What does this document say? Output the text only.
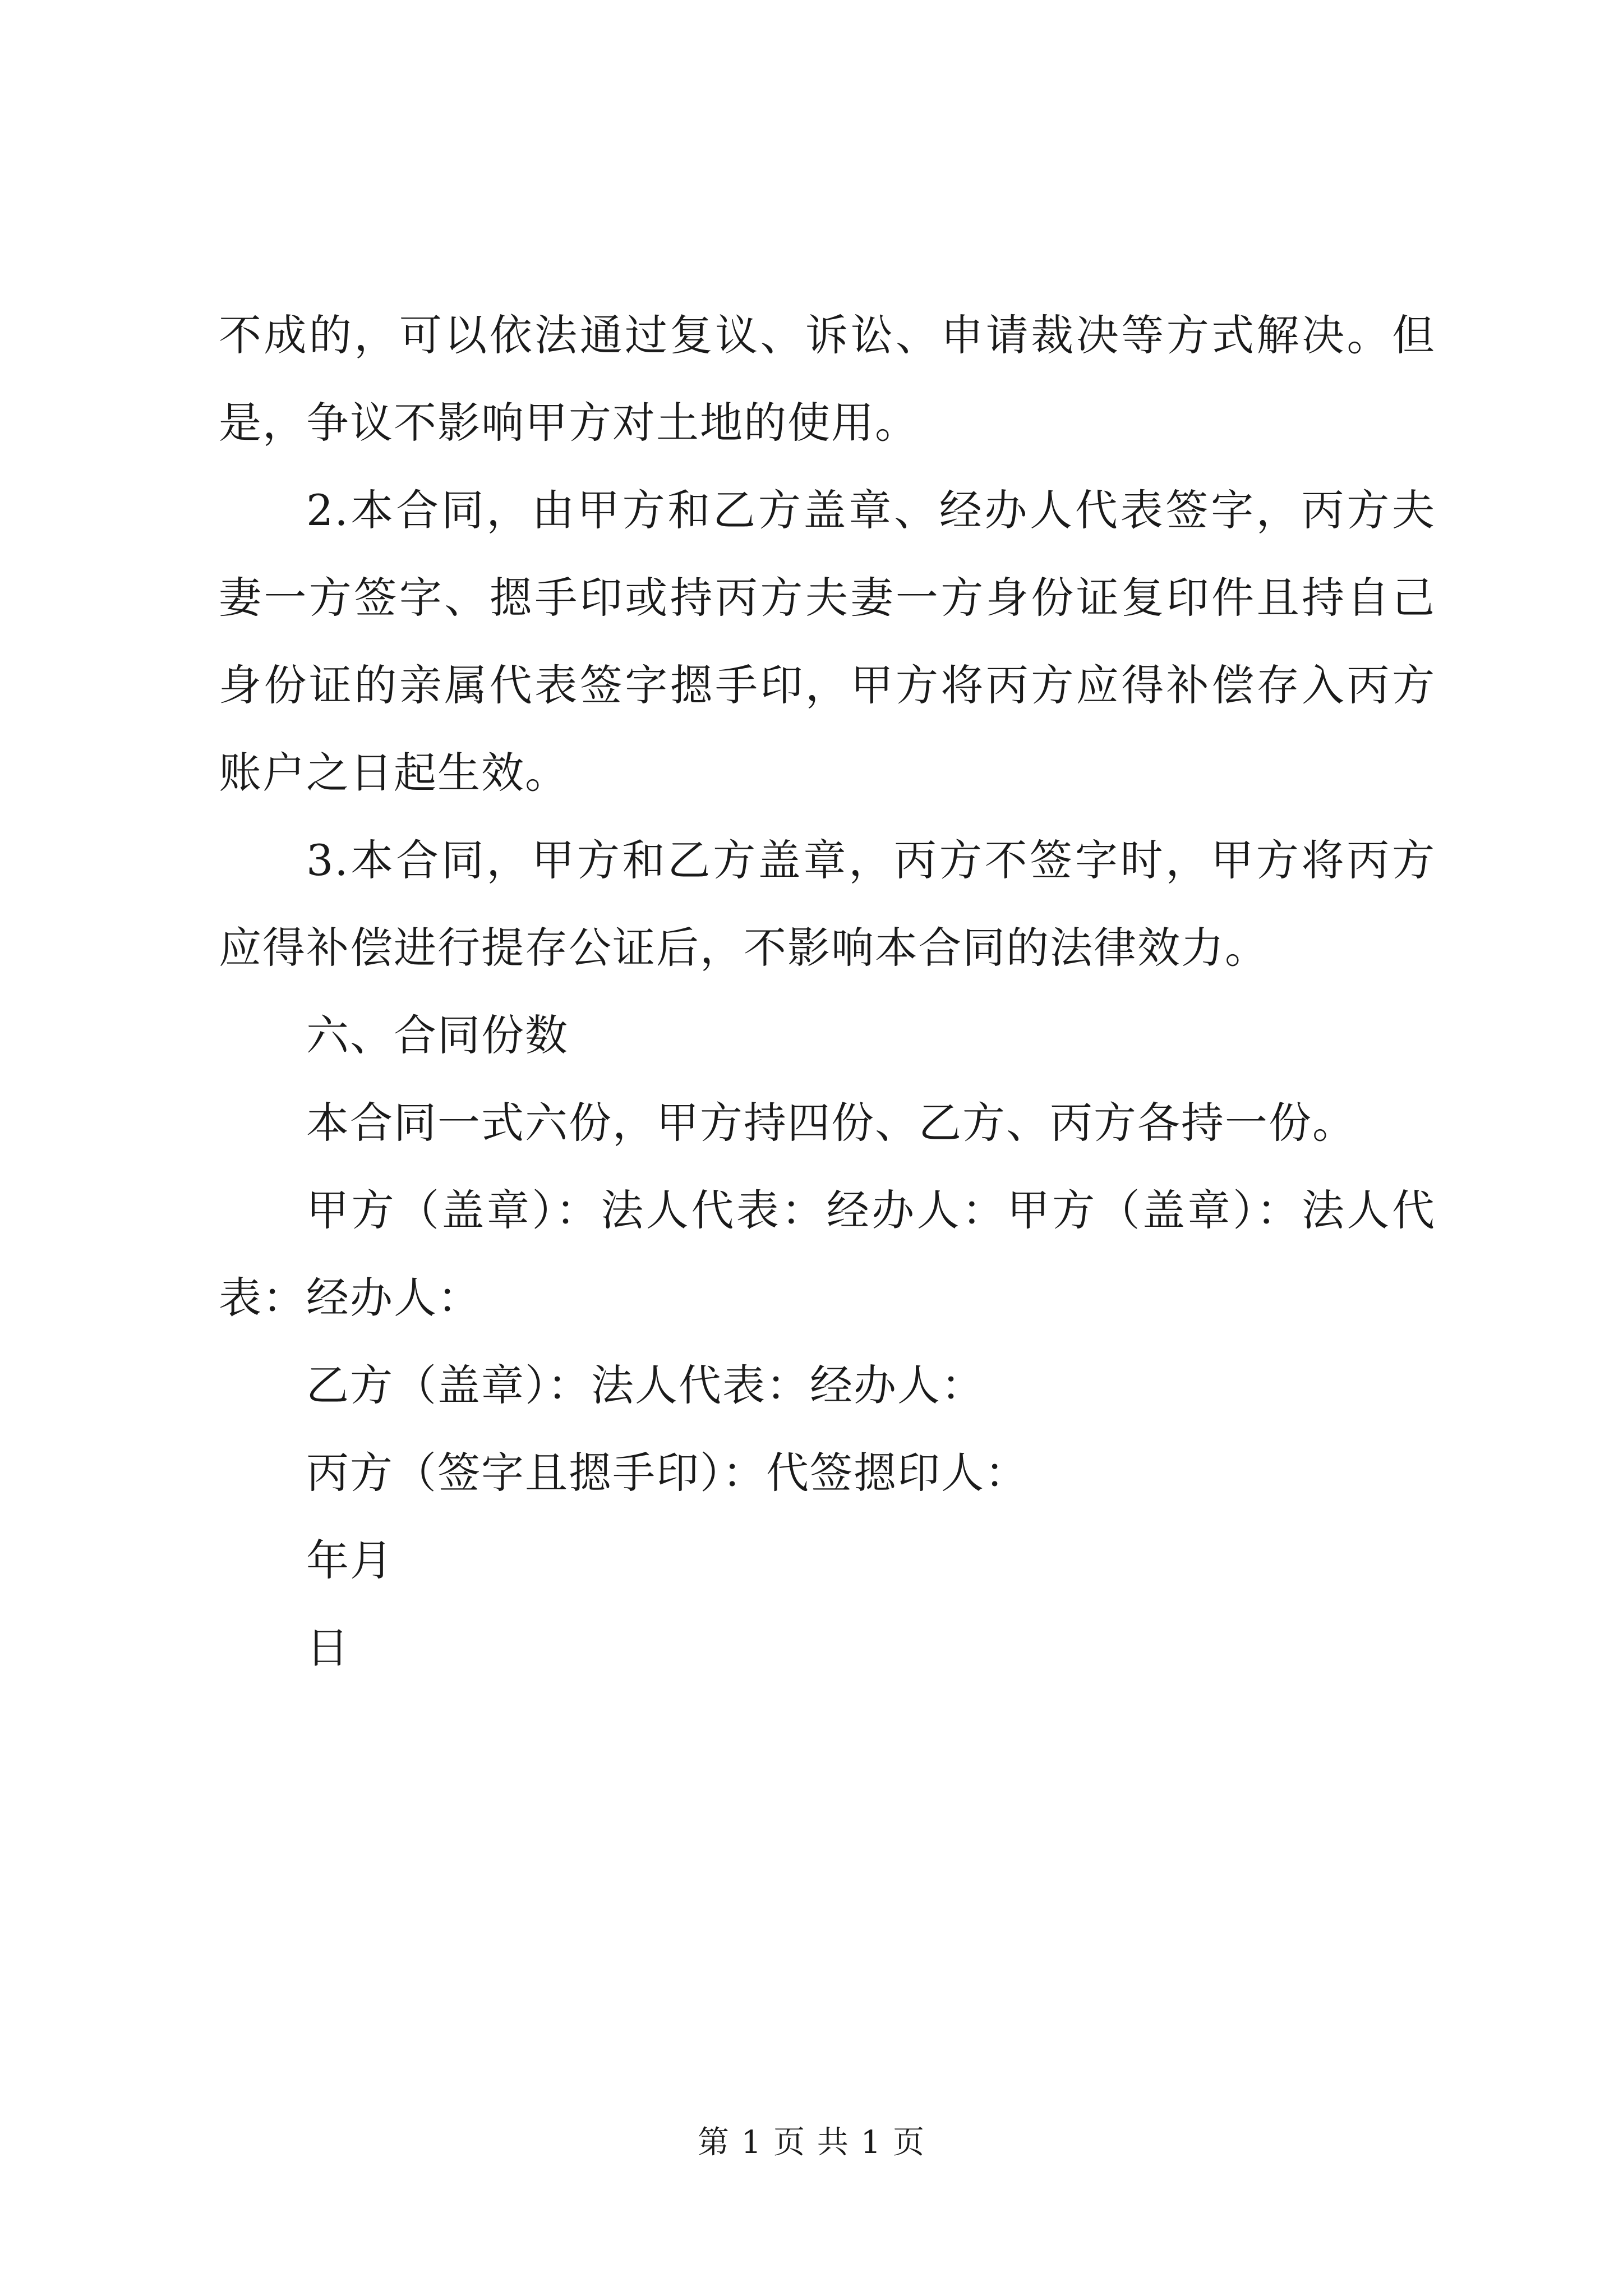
不成的，可以依法通过复议、诉讼、申请裁决等方式解决。但是，争议不影响甲方对土地的使用。

2.本合同，由甲方和乙方盖章、经办人代表签字，丙方夫妻一方签字、摁手印或持丙方夫妻一方身份证复印件且持自己身份证的亲属代表签字摁手印，甲方将丙方应得补偿存入丙方账户之日起生效。

3.本合同，甲方和乙方盖章，丙方不签字时，甲方将丙方应得补偿进行提存公证后，不影响本合同的法律效力。

六、合同份数

本合同一式六份，甲方持四份、乙方、丙方各持一份。

甲方（盖章）：法人代表：经办人：甲方（盖章）：法人代表：经办人：

乙方（盖章）：法人代表：经办人：

丙方（签字且摁手印）：代签摁印人：

年月

日

第 1 页 共 1 页
